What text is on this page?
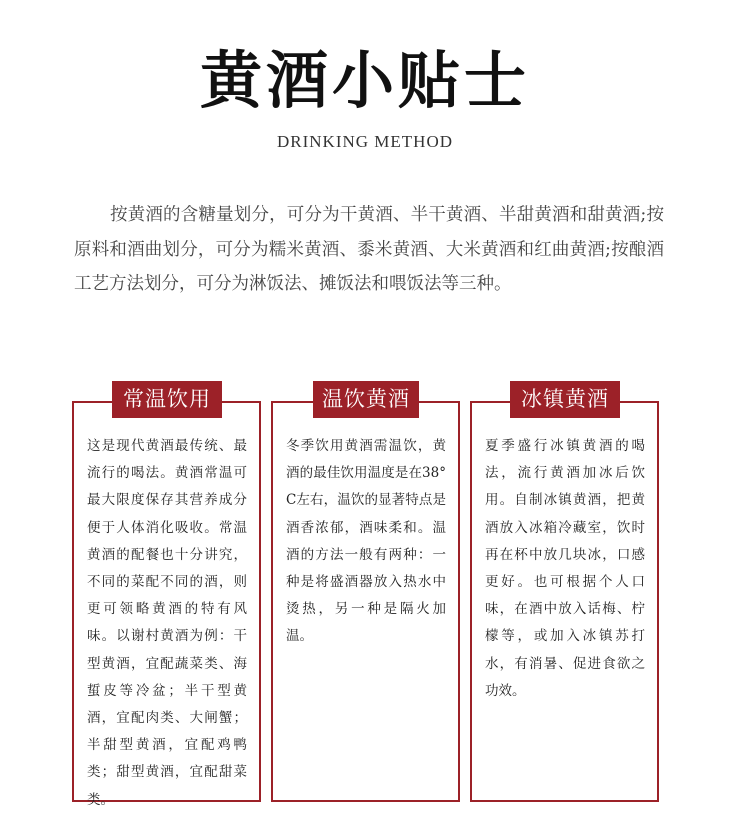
黄酒小贴士
DRINKING METHOD

按黄酒的含糖量划分，可分为干黄酒、半干黄酒、半甜黄酒和甜黄酒;按原料和酒曲划分，可分为糯米黄酒、黍米黄酒、大米黄酒和红曲黄酒;按酿酒工艺方法划分，可分为淋饭法、摊饭法和喂饭法等三种。

这是现代黄酒最传统、最流行的喝法。黄酒常温可最大限度保存其营养成分便于人体消化吸收。常温黄酒的配餐也十分讲究，不同的菜配不同的酒，则更可领略黄酒的特有风味。以谢村黄酒为例：干型黄酒，宜配蔬菜类、海蜇皮等冷盆；半干型黄酒，宜配肉类、大闸蟹；半甜型黄酒，宜配鸡鸭类；甜型黄酒，宜配甜菜类。
冬季饮用黄酒需温饮，黄酒的最佳饮用温度是在38° C左右，温饮的显著特点是酒香浓郁，酒味柔和。温酒的方法一般有两种：一种是将盛酒器放入热水中烫热，另一种是隔火加温。
夏季盛行冰镇黄酒的喝法，流行黄酒加冰后饮用。自制冰镇黄酒，把黄酒放入冰箱冷藏室，饮时再在杯中放几块冰，口感更好。也可根据个人口味，在酒中放入话梅、柠檬等，或加入冰镇苏打水，有消暑、促进食欲之功效。
常温饮用	温饮黄酒	冰镇黄酒
